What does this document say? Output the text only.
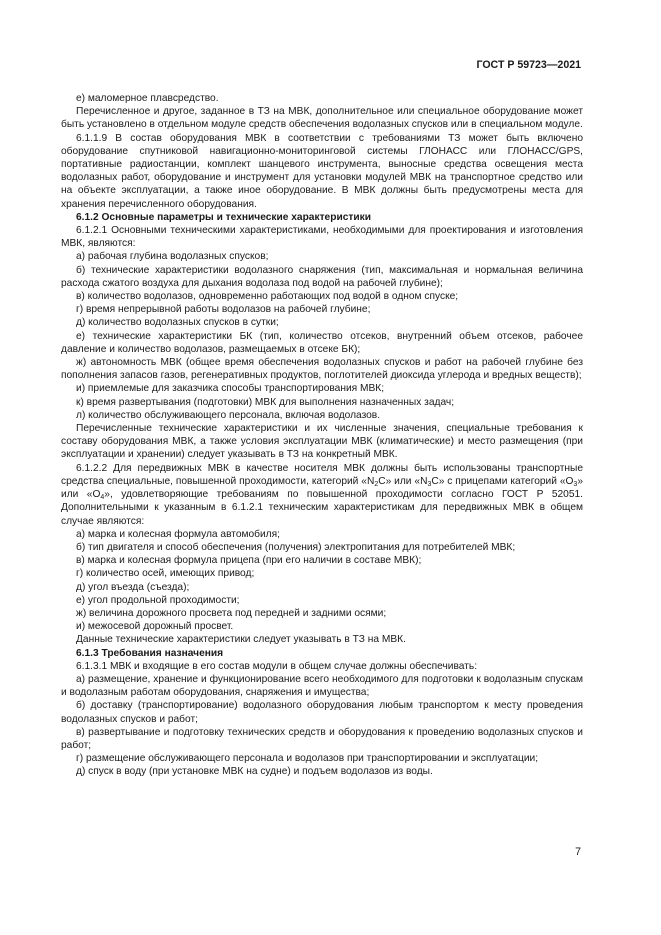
ГОСТ Р 59723—2021

е) маломерное плавсредство.

Перечисленное и другое, заданное в ТЗ на МВК, дополнительное или специальное оборудование может быть установлено в отдельном модуле средств обеспечения водолазных спусков или в специальном модуле.

6.1.1.9 В состав оборудования МВК в соответствии с требованиями ТЗ может быть включено оборудование спутниковой навигационно-мониторинговой системы ГЛОНАСС или ГЛОНАСС/GPS, портативные радиостанции, комплект шанцевого инструмента, выносные средства освещения места водолазных работ, оборудование и инструмент для установки модулей МВК на транспортное средство или на объекте эксплуатации, а также иное оборудование. В МВК должны быть предусмотрены места для хранения перечисленного оборудования.

6.1.2 Основные параметры и технические характеристики

6.1.2.1 Основными техническими характеристиками, необходимыми для проектирования и изготовления МВК, являются:

а) рабочая глубина водолазных спусков;

б) технические характеристики водолазного снаряжения (тип, максимальная и нормальная величина расхода сжатого воздуха для дыхания водолаза под водой на рабочей глубине);

в) количество водолазов, одновременно работающих под водой в одном спуске;

г) время непрерывной работы водолазов на рабочей глубине;

д) количество водолазных спусков в сутки;

е) технические характеристики БК (тип, количество отсеков, внутренний объем отсеков, рабочее давление и количество водолазов, размещаемых в отсеке БК);

ж) автономность МВК (общее время обеспечения водолазных спусков и работ на рабочей глубине без пополнения запасов газов, регенеративных продуктов, поглотителей диоксида углерода и вредных веществ);

и) приемлемые для заказчика способы транспортирования МВК;

к) время развертывания (подготовки) МВК для выполнения назначенных задач;

л) количество обслуживающего персонала, включая водолазов.

Перечисленные технические характеристики и их численные значения, специальные требования к составу оборудования МВК, а также условия эксплуатации МВК (климатические) и место размещения (при эксплуатации и хранении) следует указывать в ТЗ на конкретный МВК.

6.1.2.2 Для передвижных МВК в качестве носителя МВК должны быть использованы транспортные средства специальные, повышенной проходимости, категорий «$N_2С$» или «$N_3С$» с прицепами категорий «$O_3$» или «$O_4$», удовлетворяющие требованиям по повышенной проходимости согласно ГОСТ Р 52051. Дополнительными к указанным в 6.1.2.1 техническим характеристикам для передвижных МВК в общем случае являются:

а) марка и колесная формула автомобиля;

б) тип двигателя и способ обеспечения (получения) электропитания для потребителей МВК;

в) марка и колесная формула прицепа (при его наличии в составе МВК);

г) количество осей, имеющих привод;

д) угол въезда (съезда);

е) угол продольной проходимости;

ж) величина дорожного просвета под передней и задними осями;

и) межосевой дорожный просвет.

Данные технические характеристики следует указывать в ТЗ на МВК.

6.1.3 Требования назначения

6.1.3.1 МВК и входящие в его состав модули в общем случае должны обеспечивать:

а) размещение, хранение и функционирование всего необходимого для подготовки к водолазным спускам и водолазным работам оборудования, снаряжения и имущества;

б) доставку (транспортирование) водолазного оборудования любым транспортом к месту проведения водолазных спусков и работ;

в) развертывание и подготовку технических средств и оборудования к проведению водолазных спусков и работ;

г) размещение обслуживающего персонала и водолазов при транспортировании и эксплуатации;

д) спуск в воду (при установке МВК на судне) и подъем водолазов из воды.

7
